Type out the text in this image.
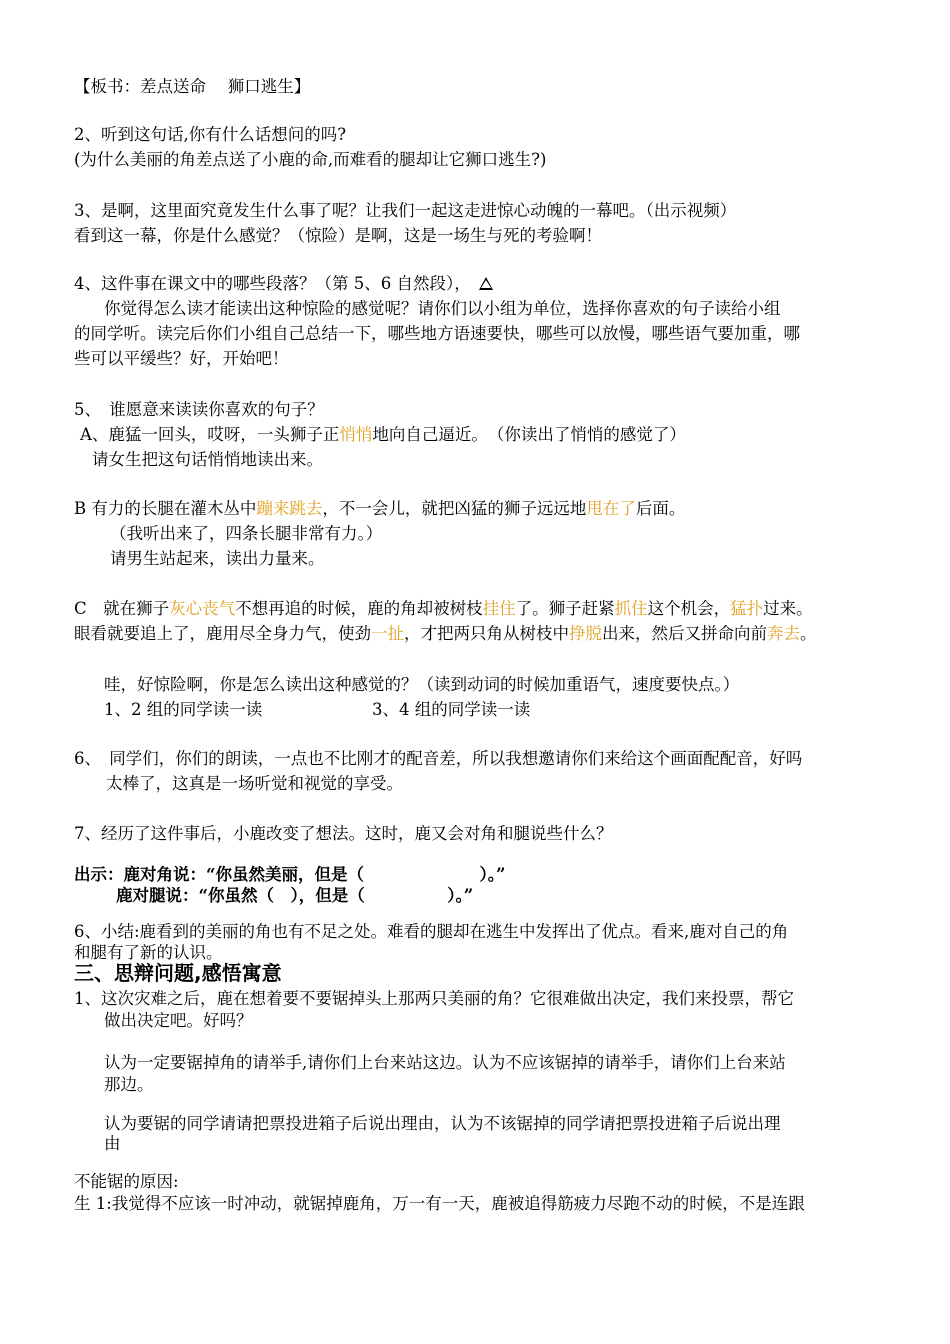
【板书：差点送命　 狮口逃生】
2、听到这句话,你有什么话想问的吗?
(为什么美丽的角差点送了小鹿的命,而难看的腿却让它狮口逃生?)
3、是啊，这里面究竟发生什么事了呢？让我们一起这走进惊心动魄的一幕吧。（出示视频）
看到这一幕，你是什么感觉？（惊险）是啊，这是一场生与死的考验啊！
4、这件事在课文中的哪些段落？（第 5、6 自然段），　
你觉得怎么读才能读出这种惊险的感觉呢？请你们以小组为单位，选择你喜欢的句子读给小组
的同学听。读完后你们小组自己总结一下，哪些地方语速要快，哪些可以放慢，哪些语气要加重，哪
些可以平缓些？好，开始吧！
5、　谁愿意来读读你喜欢的句子？
A、鹿猛一回头，哎呀，一头狮子正悄悄地向自己逼近。　（你读出了悄悄的感觉了）
请女生把这句话悄悄地读出来。
B 有力的长腿在灌木丛中蹦来跳去，不一会儿，就把凶猛的狮子远远地甩在了后面。
（我听出来了，四条长腿非常有力。）
请男生站起来，读出力量来。
C　就在狮子灰心丧气不想再追的时候，鹿的角却被树枝挂住了。狮子赶紧抓住这个机会，猛扑过来。
眼看就要追上了，鹿用尽全身力气，使劲一扯，才把两只角从树枝中挣脱出来，然后又拼命向前奔去。
哇，好惊险啊，你是怎么读出这种感觉的？（读到动词的时候加重语气，速度要快点。）
1、2 组的同学读一读	3、4 组的同学读一读
6、　同学们，你们的朗读，一点也不比刚才的配音差，所以我想邀请你们来给这个画面配配音，好吗
太棒了，这真是一场听觉和视觉的享受。
7、经历了这件事后，小鹿改变了想法。这时，鹿又会对角和腿说些什么？
出示：鹿对角说：“你虽然美丽，但是（　　　　　　　）。”
鹿对腿说：“你虽然（　），但是（　　　　　）。”
6、小结:鹿看到的美丽的角也有不足之处。难看的腿却在逃生中发挥出了优点。看来,鹿对自己的角
和腿有了新的认识。
三、思辩问题,感悟寓意
1、这次灾难之后，鹿在想着要不要锯掉头上那两只美丽的角？它很难做出决定，我们来投票，帮它
做出决定吧。好吗？
认为一定要锯掉角的请举手,请你们上台来站这边。认为不应该锯掉的请举手，请你们上台来站
那边。
认为要锯的同学请请把票投进箱子后说出理由，认为不该锯掉的同学请把票投进箱子后说出理
由
不能锯的原因:
生 1:我觉得不应该一时冲动，就锯掉鹿角，万一有一天，鹿被追得筋疲力尽跑不动的时候，不是连跟
